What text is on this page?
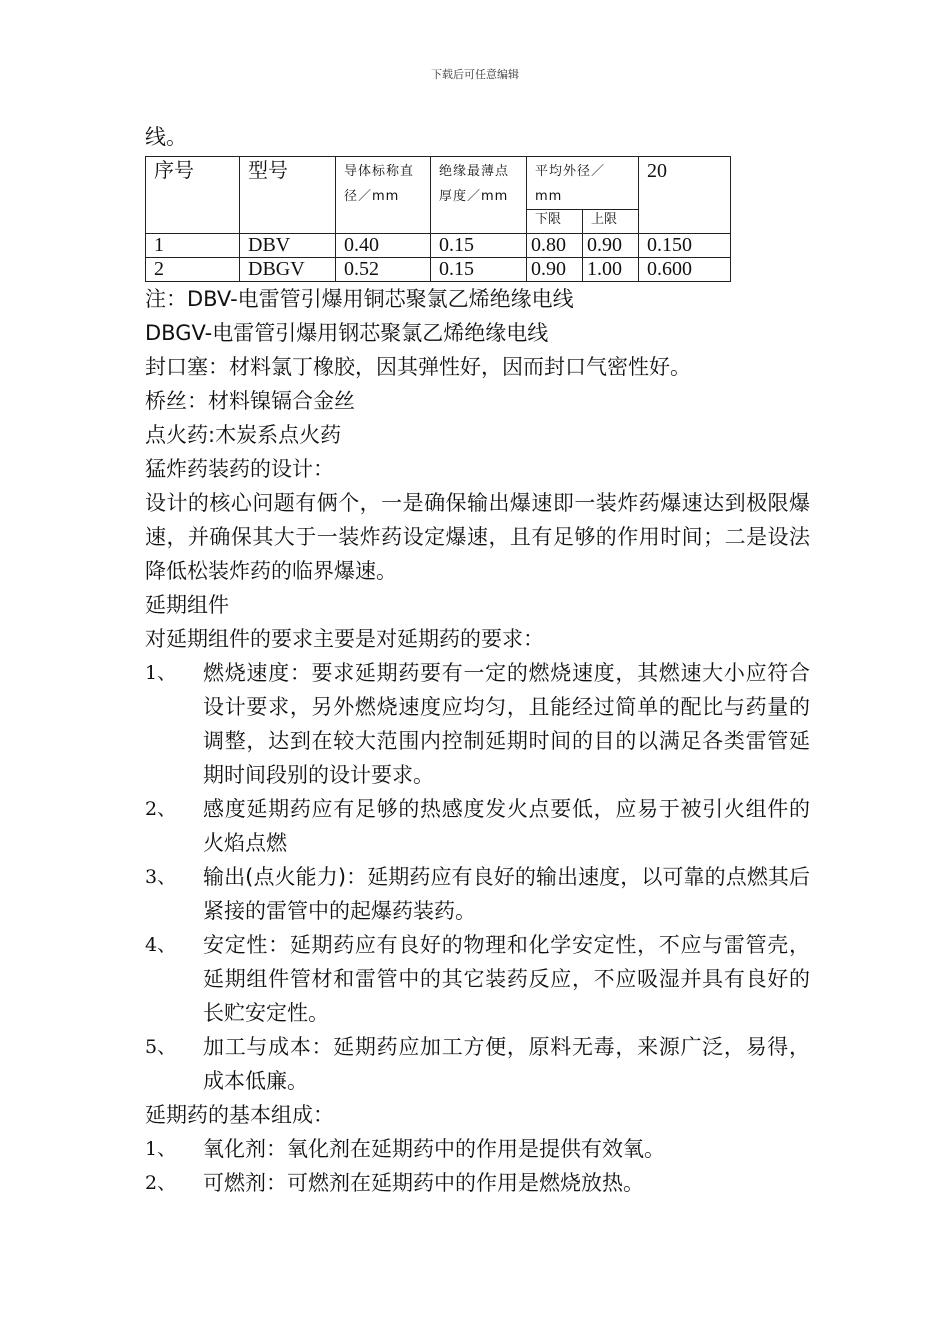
下载后可任意编辑
线。
序号	型号	导体标称直径／mm	绝缘最薄点厚度／mm	平均外径／mm		20
				下限	上限	
1	DBV	0.40	0.15	0.80	0.90	0.150
2	DBGV	0.52	0.15	0.90	1.00	0.600
注：DBV-电雷管引爆用铜芯聚氯乙烯绝缘电线
DBGV-电雷管引爆用钢芯聚氯乙烯绝缘电线
封口塞：材料氯丁橡胶，因其弹性好，因而封口气密性好。
桥丝：材料镍镉合金丝
点火药:木炭系点火药
猛炸药装药的设计：
设计的核心问题有俩个，一是确保输出爆速即一装炸药爆速达到极限爆速，并确保其大于一装炸药设定爆速，且有足够的作用时间；二是设法降低松装炸药的临界爆速。
延期组件
对延期组件的要求主要是对延期药的要求：
1、	燃烧速度：要求延期药要有一定的燃烧速度，其燃速大小应符合设计要求，另外燃烧速度应均匀，且能经过简单的配比与药量的调整，达到在较大范围内控制延期时间的目的以满足各类雷管延期时间段别的设计要求。
2、	感度延期药应有足够的热感度发火点要低，应易于被引火组件的火焰点燃
3、	输出(点火能力)：延期药应有良好的输出速度，以可靠的点燃其后紧接的雷管中的起爆药装药。
4、	安定性：延期药应有良好的物理和化学安定性，不应与雷管壳，延期组件管材和雷管中的其它装药反应，不应吸湿并具有良好的长贮安定性。
5、	加工与成本：延期药应加工方便，原料无毒，来源广泛，易得，成本低廉。
延期药的基本组成：
1、	氧化剂：氧化剂在延期药中的作用是提供有效氧。
2、	可燃剂：可燃剂在延期药中的作用是燃烧放热。
